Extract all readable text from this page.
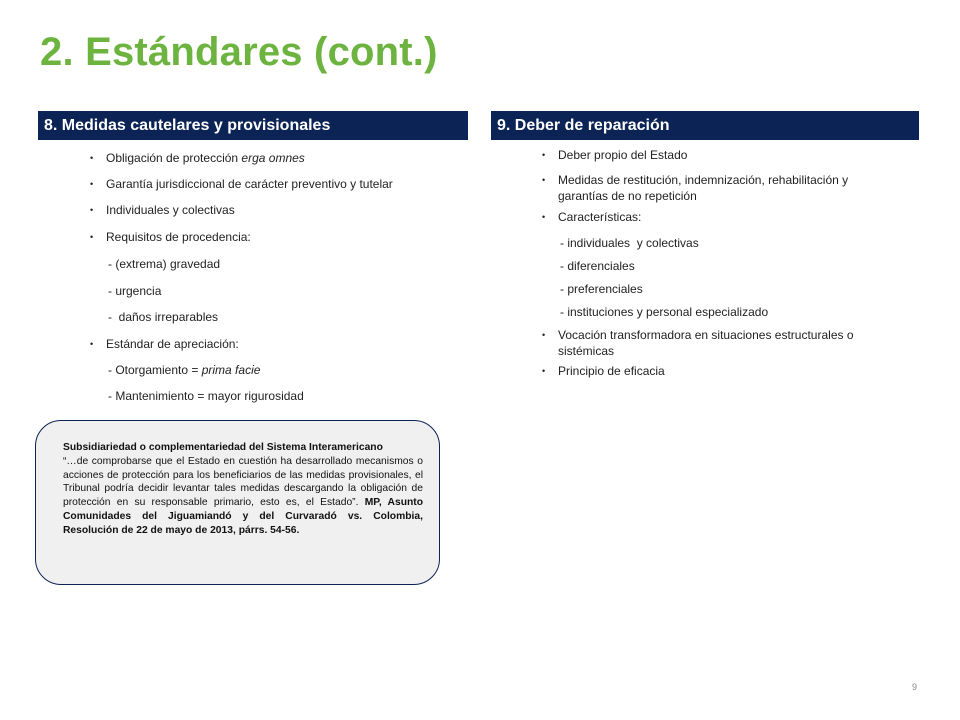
2. Estándares (cont.)
8. Medidas cautelares y provisionales	9. Deber de reparación
• Obligación de protección erga omnes
• Garantía jurisdiccional de carácter preventivo y tutelar
• Individuales y colectivas
• Requisitos de procedencia:
- (extrema) gravedad
- urgencia
-  daños irreparables
• Estándar de apreciación:
- Otorgamiento = prima facie
- Mantenimiento = mayor rigurosidad
• Deber propio del Estado
• Medidas de restitución, indemnización, rehabilitación y garantías de no repetición
• Características:
- individuales  y colectivas
- diferenciales
- preferenciales
- instituciones y personal especializado
• Vocación transformadora en situaciones estructurales o sistémicas
• Principio de eficacia
Subsidiariedad o complementariedad del Sistema Interamericano
“…de comprobarse que el Estado en cuestión ha desarrollado mecanismos o acciones de protección para los beneficiarios de las medidas provisionales, el Tribunal podría decidir levantar tales medidas descargando la obligación de protección en su responsable primario, esto es, el Estado”. MP, Asunto Comunidades del Jiguamiandó y del Curvaradó vs. Colombia, Resolución de 22 de mayo de 2013, párrs. 54-56.
9
